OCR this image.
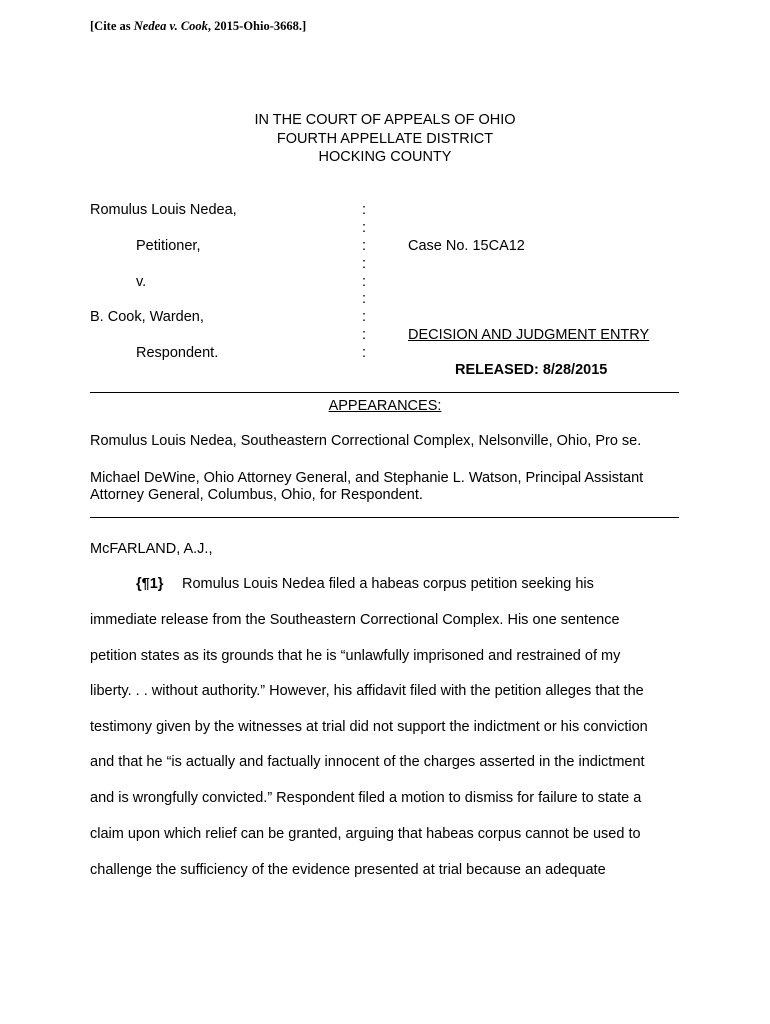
[Cite as Nedea v. Cook, 2015-Ohio-3668.]
IN THE COURT OF APPEALS OF OHIO
FOURTH APPELLATE DISTRICT
HOCKING COUNTY
Romulus Louis Nedea,
Petitioner,
v.
B. Cook, Warden,
Respondent.
:
:
:
:
:
:
:
:
:
Case No. 15CA12
DECISION AND JUDGMENT ENTRY
RELEASED: 8/28/2015
APPEARANCES:
Romulus Louis Nedea, Southeastern Correctional Complex, Nelsonville, Ohio, Pro se.
Michael DeWine, Ohio Attorney General, and Stephanie L. Watson, Principal Assistant
Attorney General, Columbus, Ohio, for Respondent.
McFARLAND, A.J.,
{¶1} Romulus Louis Nedea filed a habeas corpus petition seeking his
immediate release from the Southeastern Correctional Complex. His one sentence
petition states as its grounds that he is “unlawfully imprisoned and restrained of my
liberty. . . without authority.” However, his affidavit filed with the petition alleges that the
testimony given by the witnesses at trial did not support the indictment or his conviction
and that he “is actually and factually innocent of the charges asserted in the indictment
and is wrongfully convicted.” Respondent filed a motion to dismiss for failure to state a
claim upon which relief can be granted, arguing that habeas corpus cannot be used to
challenge the sufficiency of the evidence presented at trial because an adequate
